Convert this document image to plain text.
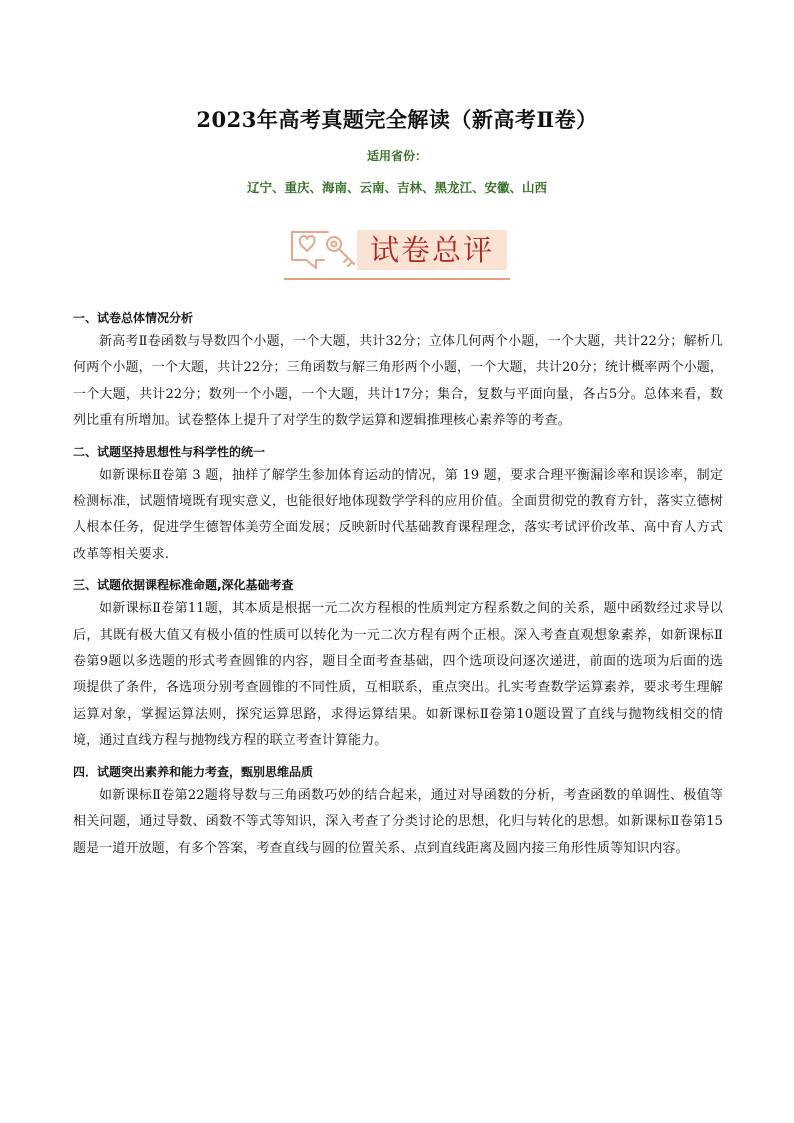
2023年高考真题完全解读（新高考Ⅱ卷）
适用省份：
辽宁、重庆、海南、云南、吉林、黑龙江、安徽、山西
试卷总评

一、试卷总体情况分析

新高考Ⅱ卷函数与导数四个小题，一个大题，共计32分；立体几何两个小题，一个大题，共计22分；解析几何两个小题，一个大题，共计22分；三角函数与解三角形两个小题，一个大题，共计20分；统计概率两个小题，一个大题，共计22分；数列一个小题，一个大题，共计17分；集合，复数与平面向量，各占5分。总体来看，数列比重有所增加。试卷整体上提升了对学生的数学运算和逻辑推理核心素养等的考查。

二、试题坚持思想性与科学性的统一

如新课标Ⅱ卷第 3 题，抽样了解学生参加体育运动的情况，第 19 题，要求合理平衡漏诊率和误诊率，制定检测标准，试题情境既有现实意义，也能很好地体现数学学科的应用价值。全面贯彻党的教育方针，落实立德树人根本任务，促进学生德智体美劳全面发展；反映新时代基础教育课程理念，落实考试评价改革、高中育人方式改革等相关要求.

三、试题依据课程标准命题,深化基础考查

如新课标Ⅱ卷第11题，其本质是根据一元二次方程根的性质判定方程系数之间的关系，题中函数经过求导以后，其既有极大值又有极小值的性质可以转化为一元二次方程有两个正根。深入考查直观想象素养，如新课标Ⅱ卷第9题以多选题的形式考查圆锥的内容，题目全面考查基础，四个选项设问逐次递进，前面的选项为后面的选项提供了条件，各选项分别考查圆锥的不同性质，互相联系，重点突出。扎实考查数学运算素养，要求考生理解运算对象，掌握运算法则，探究运算思路，求得运算结果。如新课标Ⅱ卷第10题设置了直线与抛物线相交的情境，通过直线方程与抛物线方程的联立考查计算能力。

四．试题突出素养和能力考查，甄别思维品质

如新课标Ⅱ卷第22题将导数与三角函数巧妙的结合起来，通过对导函数的分析，考查函数的单调性、极值等相关问题，通过导数、函数不等式等知识，深入考查了分类讨论的思想，化归与转化的思想。如新课标Ⅱ卷第15题是一道开放题，有多个答案，考查直线与圆的位置关系、点到直线距离及圆内接三角形性质等知识内容。
